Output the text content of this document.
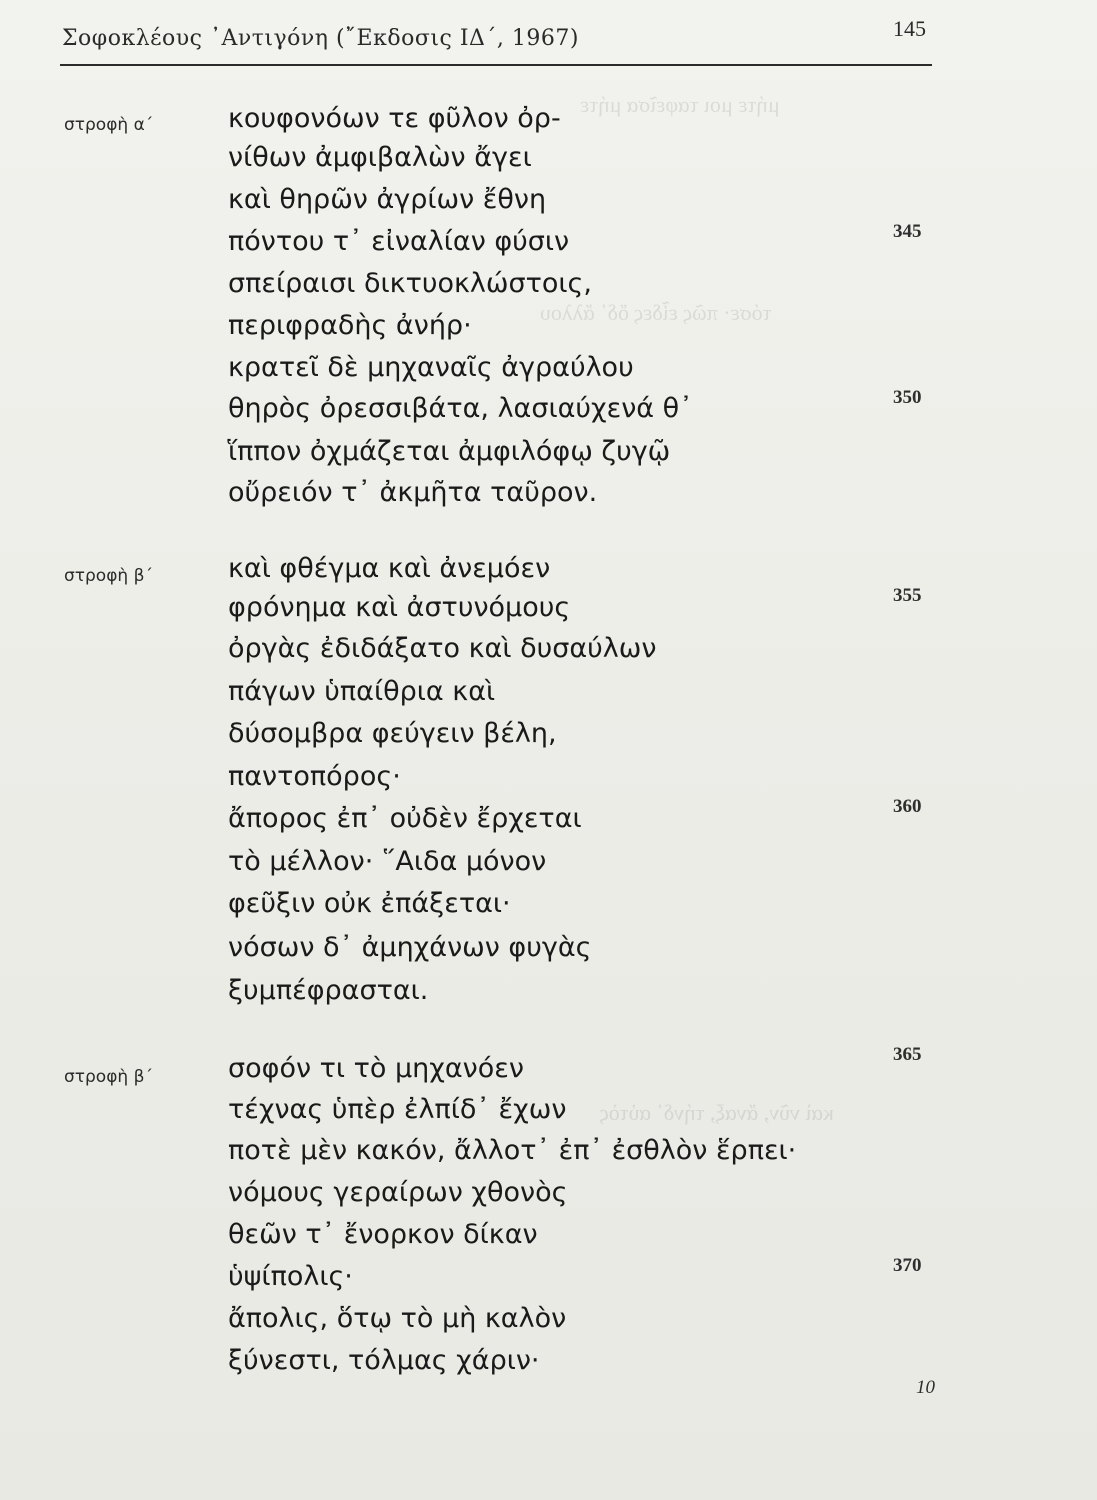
μήτε μοι ταφεῖσα μήτε
τόσε· πῶς εἶδες ὅδ᾽ ἄλλου
καὶ νῦν, ἄναξ, τήνδ᾽ αὐτὸς
Σοφοκλέους ᾿Αντιγόνη (῎Εκδοσις ΙΔ΄, 1967)	145
στροφὴ α΄	κουφονόων τε φῦλον ὀρ-
νίθων ἀμφιβαλὼν ἄγει
καὶ θηρῶν ἀγρίων ἔθνη
πόντου τ᾽ εἰναλίαν φύσιν
σπείραισι δικτυοκλώστοις,
περιφραδὴς ἀνήρ·
κρατεῖ δὲ μηχαναῖς ἀγραύλου
θηρὸς ὀρεσσιβάτα, λασιαύχενά θ᾽
ἵππον ὀχμάζεται ἀμφιλόφῳ ζυγῷ
οὔρειόν τ᾽ ἀκμῆτα ταῦρον.
στροφὴ β΄	καὶ φθέγμα καὶ ἀνεμόεν
φρόνημα καὶ ἀστυνόμους
ὀργὰς ἐδιδάξατο καὶ δυσαύλων
πάγων ὑπαίθρια καὶ
δύσομβρα φεύγειν βέλη,
παντοπόρος·
ἄπορος ἐπ᾽ οὐδὲν ἔρχεται
τὸ μέλλον· ῞Αιδα μόνον
φεῦξιν οὐκ ἐπάξεται·
νόσων δ᾽ ἀμηχάνων φυγὰς
ξυμπέφρασται.
στροφὴ β΄	σοφόν τι τὸ μηχανόεν
τέχνας ὑπὲρ ἐλπίδ᾽ ἔχων
ποτὲ μὲν κακόν, ἄλλοτ᾽ ἐπ᾽ ἐσθλὸν ἕρπει·
νόμους γεραίρων χθονὸς
θεῶν τ᾽ ἔνορκον δίκαν
ὑψίπολις·
ἄπολις, ὅτῳ τὸ μὴ καλὸν
ξύνεστι, τόλμας χάριν·
345
350
355
360
365
370
10
